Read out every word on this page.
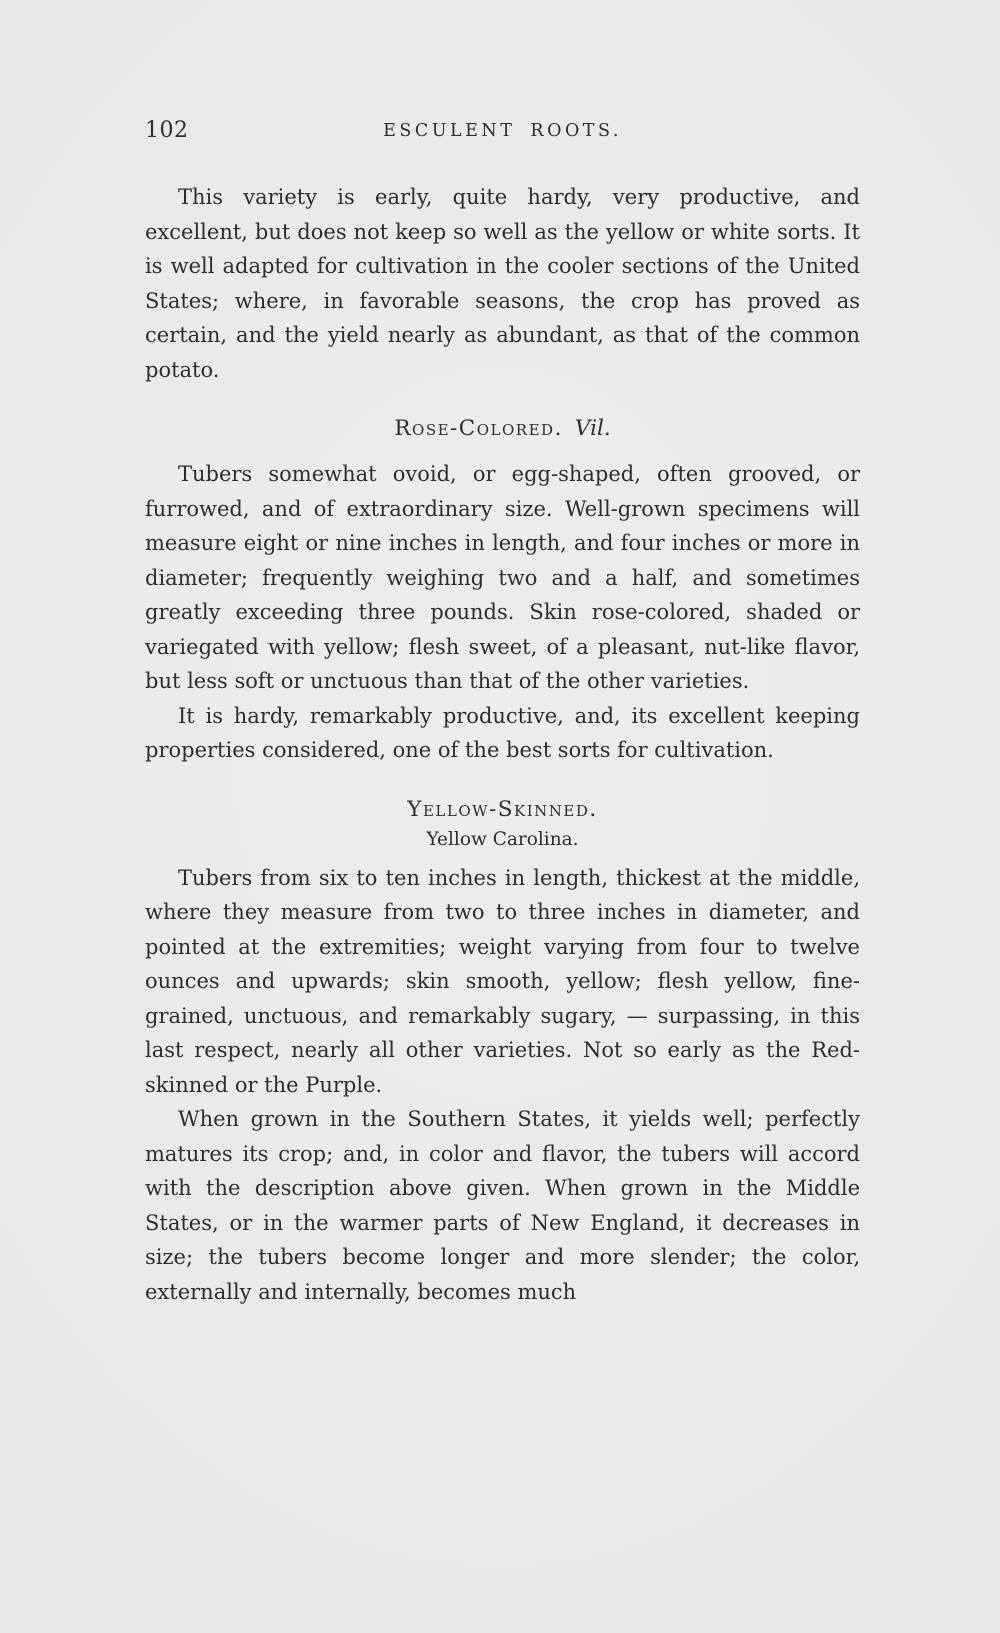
102	ESCULENT ROOTS.

This variety is early, quite hardy, very productive, and excellent, but does not keep so well as the yellow or white sorts. It is well adapted for cultivation in the cooler sections of the United States; where, in favorable seasons, the crop has proved as certain, and the yield nearly as abundant, as that of the common potato.

Rose-Colored. Vil.

Tubers somewhat ovoid, or egg-shaped, often grooved, or furrowed, and of extraordinary size. Well-grown specimens will measure eight or nine inches in length, and four inches or more in diameter; frequently weighing two and a half, and sometimes greatly exceeding three pounds. Skin rose-colored, shaded or variegated with yellow; flesh sweet, of a pleasant, nut-like flavor, but less soft or unctuous than that of the other varieties.

It is hardy, remarkably productive, and, its excellent keeping properties considered, one of the best sorts for cultivation.

Yellow-Skinned.
Yellow Carolina.

Tubers from six to ten inches in length, thickest at the middle, where they measure from two to three inches in diameter, and pointed at the extremities; weight varying from four to twelve ounces and upwards; skin smooth, yellow; flesh yellow, fine-grained, unctuous, and remarkably sugary, — surpassing, in this last respect, nearly all other varieties. Not so early as the Red-skinned or the Purple.

When grown in the Southern States, it yields well; perfectly matures its crop; and, in color and flavor, the tubers will accord with the description above given. When grown in the Middle States, or in the warmer parts of New England, it decreases in size; the tubers become longer and more slender; the color, externally and internally, becomes much
